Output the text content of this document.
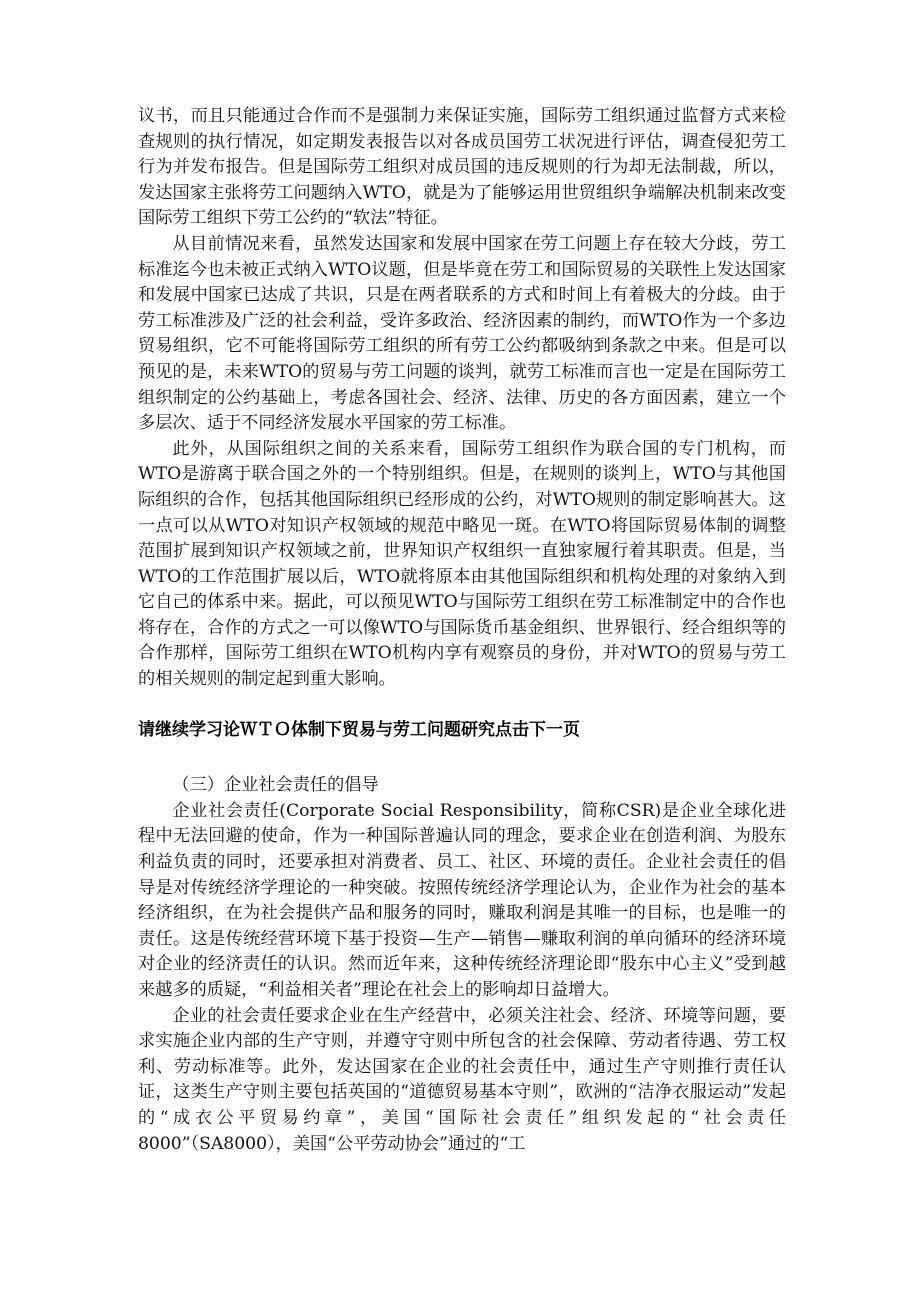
议书，而且只能通过合作而不是强制力来保证实施，国际劳工组织通过监督方式来检查规则的执行情况，如定期发表报告以对各成员国劳工状况进行评估，调查侵犯劳工行为并发布报告。但是国际劳工组织对成员国的违反规则的行为却无法制裁，所以，发达国家主张将劳工问题纳入WTO，就是为了能够运用世贸组织争端解决机制来改变国际劳工组织下劳工公约的“软法”特征。

从目前情况来看，虽然发达国家和发展中国家在劳工问题上存在较大分歧，劳工标准迄今也未被正式纳入WTO议题，但是毕竟在劳工和国际贸易的关联性上发达国家和发展中国家已达成了共识，只是在两者联系的方式和时间上有着极大的分歧。由于劳工标准涉及广泛的社会利益，受许多政治、经济因素的制约，而WTO作为一个多边贸易组织，它不可能将国际劳工组织的所有劳工公约都吸纳到条款之中来。但是可以预见的是，未来WTO的贸易与劳工问题的谈判，就劳工标准而言也一定是在国际劳工组织制定的公约基础上，考虑各国社会、经济、法律、历史的各方面因素，建立一个多层次、适于不同经济发展水平国家的劳工标准。

此外，从国际组织之间的关系来看，国际劳工组织作为联合国的专门机构，而WTO是游离于联合国之外的一个特别组织。但是，在规则的谈判上，WTO与其他国际组织的合作，包括其他国际组织已经形成的公约，对WTO规则的制定影响甚大。这一点可以从WTO对知识产权领域的规范中略见一斑。在WTO将国际贸易体制的调整范围扩展到知识产权领域之前，世界知识产权组织一直独家履行着其职责。但是，当WTO的工作范围扩展以后，WTO就将原本由其他国际组织和机构处理的对象纳入到它自己的体系中来。据此，可以预见WTO与国际劳工组织在劳工标准制定中的合作也将存在，合作的方式之一可以像WTO与国际货币基金组织、世界银行、经合组织等的合作那样，国际劳工组织在WTO机构内享有观察员的身份，并对WTO的贸易与劳工的相关规则的制定起到重大影响。

请继续学习论ＷＴＯ体制下贸易与劳工问题研究点击下一页

（三）企业社会责任的倡导

企业社会责任(Corporate Social Responsibility，简称CSR)是企业全球化进程中无法回避的使命，作为一种国际普遍认同的理念，要求企业在创造利润、为股东利益负责的同时，还要承担对消费者、员工、社区、环境的责任。企业社会责任的倡导是对传统经济学理论的一种突破。按照传统经济学理论认为，企业作为社会的基本经济组织，在为社会提供产品和服务的同时，赚取利润是其唯一的目标，也是唯一的责任。这是传统经营环境下基于投资—生产—销售—赚取利润的单向循环的经济环境对企业的经济责任的认识。然而近年来，这种传统经济理论即“股东中心主义”受到越来越多的质疑，“利益相关者”理论在社会上的影响却日益增大。

企业的社会责任要求企业在生产经营中，必须关注社会、经济、环境等问题，要求实施企业内部的生产守则，并遵守守则中所包含的社会保障、劳动者待遇、劳工权利、劳动标准等。此外，发达国家在企业的社会责任中，通过生产守则推行责任认证，这类生产守则主要包括英国的“道德贸易基本守则”，欧洲的“洁净衣服运动”发起的“成衣公平贸易约章”，美国“国际社会责任”组织发起的“社会责任8000”（SA8000），美国“公平劳动协会”通过的“工
